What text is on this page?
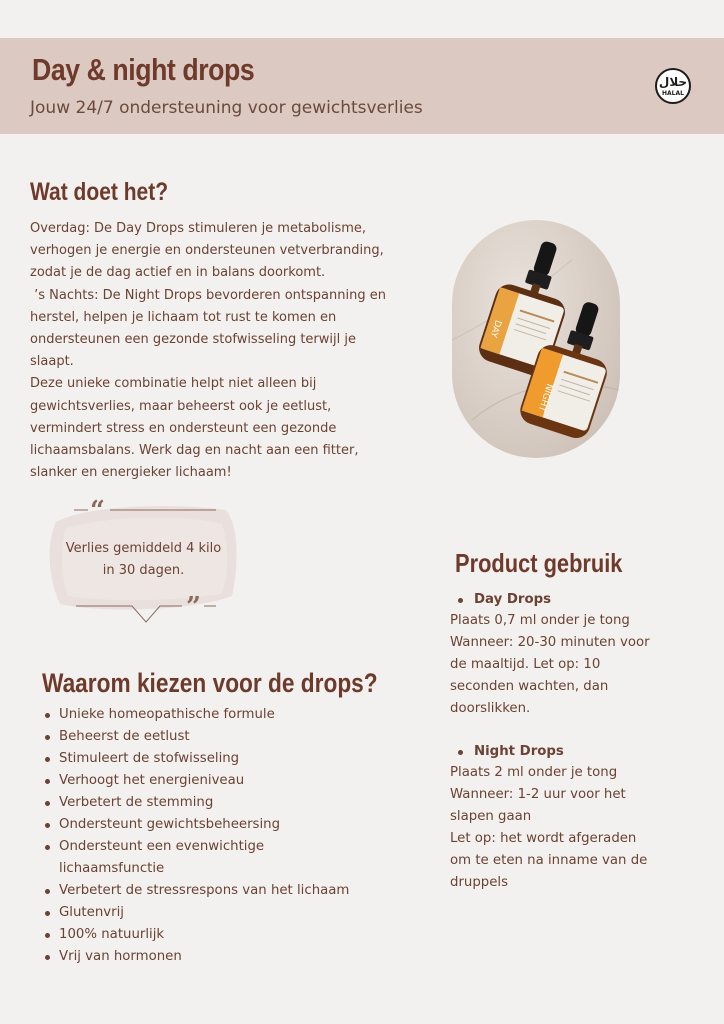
Day & night drops
Jouw 24/7 ondersteuning voor gewichtsverlies
حلال
HALAL
Wat doet het?

Overdag: De Day Drops stimuleren je metabolisme,

verhogen je energie en ondersteunen vetverbranding,

zodat je de dag actief en in balans doorkomt.

’s Nachts: De Night Drops bevorderen ontspanning en

herstel, helpen je lichaam tot rust te komen en

ondersteunen een gezonde stofwisseling terwijl je

slaapt.

Deze unieke combinatie helpt niet alleen bij

gewichtsverlies, maar beheerst ook je eetlust,

vermindert stress en ondersteunt een gezonde

lichaamsbalans. Werk dag en nacht aan een fitter,

slanker en energieker lichaam!

DAY
NIGHT
“
”
Verlies gemiddeld 4 kilo
in 30 dagen.
Waarom kiezen voor de drops?
Unieke homeopathische formule
Beheerst de eetlust
Stimuleert de stofwisseling
Verhoogt het energieniveau
Verbetert de stemming
Ondersteunt gewichtsbeheersing
Ondersteunt een evenwichtige
lichaamsfunctie
Verbetert de stressrespons van het lichaam
Glutenvrij
100% natuurlijk
Vrij van hormonen
Product gebruik
Day Drops
Plaats 0,7 ml onder je tong
Wanneer: 20-30 minuten voor
de maaltijd. Let op: 10
seconden wachten, dan
doorslikken.
Night Drops
Plaats 2 ml onder je tong
Wanneer: 1-2 uur voor het
slapen gaan
Let op: het wordt afgeraden
om te eten na inname van de
druppels
